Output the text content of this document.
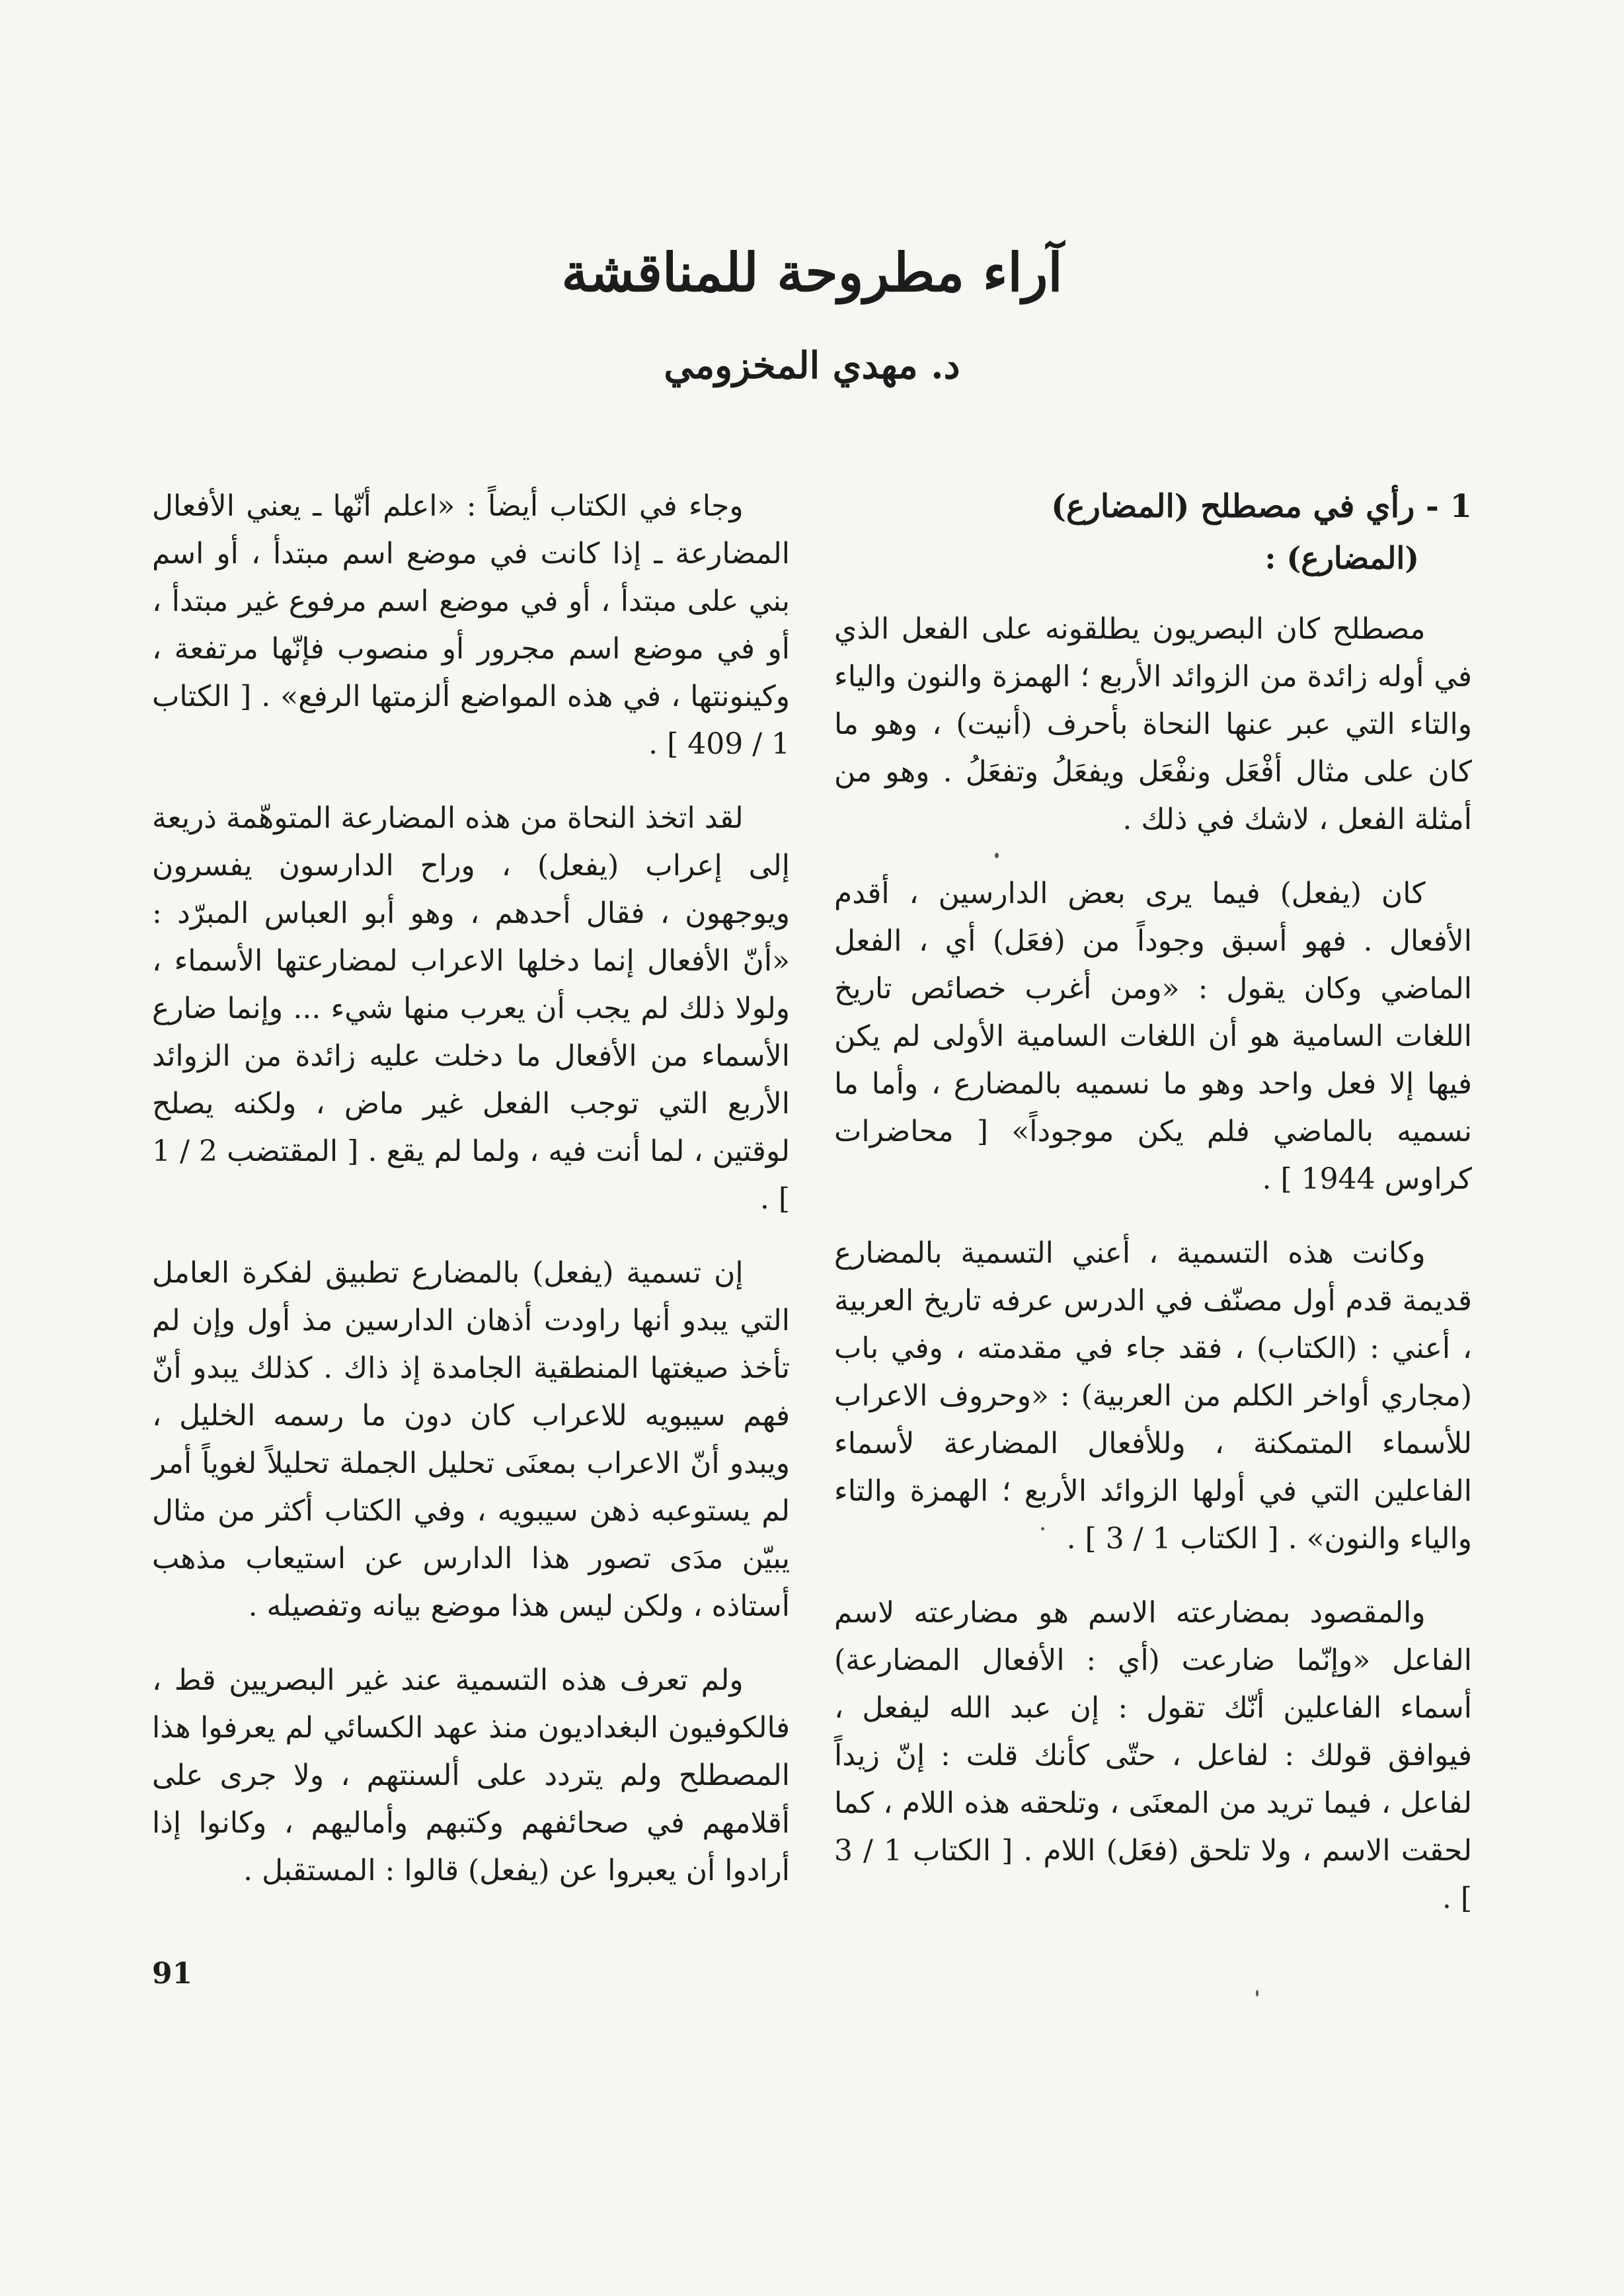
آراء مطروحة للمناقشة
د. مهدي المخزومي

1 - رأي في مصطلح (المضارع)

(المضارع) :

مصطلح كان البصريون يطلقونه على الفعل الذي في أوله زائدة من الزوائد الأربع ؛ الهمزة والنون والياء والتاء التي عبر عنها النحاة بأحرف (أنيت) ، وهو ما كان على مثال أفْعَل ونفْعَل ويفعَلُ وتفعَلُ . وهو من أمثلة الفعل ، لاشك في ذلك .

كان (يفعل) فيما يرى بعض الدارسين ، أقدم الأفعال . فهو أسبق وجوداً من (فعَل) أي ، الفعل الماضي وكان يقول : «ومن أغرب خصائص تاريخ اللغات السامية هو أن اللغات السامية الأولى لم يكن فيها إلا فعل واحد وهو ما نسميه بالمضارع ، وأما ما نسميه بالماضي فلم يكن موجوداً» [ محاضرات كراوس 1944 ] .

وكانت هذه التسمية ، أعني التسمية بالمضارع قديمة قدم أول مصنّف في الدرس عرفه تاريخ العربية ، أعني : (الكتاب) ، فقد جاء في مقدمته ، وفي باب (مجاري أواخر الكلم من العربية) : «وحروف الاعراب للأسماء المتمكنة ، وللأفعال المضارعة لأسماء الفاعلين التي في أولها الزوائد الأربع ؛ الهمزة والتاء والياء والنون» . [ الكتاب 1 / 3 ] .

والمقصود بمضارعته الاسم هو مضارعته لاسم الفاعل «وإنّما ضارعت (أي : الأفعال المضارعة) أسماء الفاعلين أنّك تقول : إن عبد الله ليفعل ، فيوافق قولك : لفاعل ، حتّى كأنك قلت : إنّ زيداً لفاعل ، فيما تريد من المعنَى ، وتلحقه هذه اللام ، كما لحقت الاسم ، ولا تلحق (فعَل) اللام . [ الكتاب 1 / 3 ] .

وجاء في الكتاب أيضاً : «اعلم أنّها ـ يعني الأفعال المضارعة ـ إذا كانت في موضع اسم مبتدأ ، أو اسم بني على مبتدأ ، أو في موضع اسم مرفوع غير مبتدأ ، أو في موضع اسم مجرور أو منصوب فإنّها مرتفعة ، وكينونتها ، في هذه المواضع ألزمتها الرفع» . [ الكتاب 1 / 409 ] .

لقد اتخذ النحاة من هذه المضارعة المتوهّمة ذريعة إلى إعراب (يفعل) ، وراح الدارسون يفسرون ويوجهون ، فقال أحدهم ، وهو أبو العباس المبرّد : «أنّ الأفعال إنما دخلها الاعراب لمضارعتها الأسماء ، ولولا ذلك لم يجب أن يعرب منها شيء ... وإنما ضارع الأسماء من الأفعال ما دخلت عليه زائدة من الزوائد الأربع التي توجب الفعل غير ماض ، ولكنه يصلح لوقتين ، لما أنت فيه ، ولما لم يقع . [ المقتضب 2 / 1 ] .

إن تسمية (يفعل) بالمضارع تطبيق لفكرة العامل التي يبدو أنها راودت أذهان الدارسين مذ أول وإن لم تأخذ صيغتها المنطقية الجامدة إذ ذاك . كذلك يبدو أنّ فهم سيبويه للاعراب كان دون ما رسمه الخليل ، ويبدو أنّ الاعراب بمعنَى تحليل الجملة تحليلاً لغوياً أمر لم يستوعبه ذهن سيبويه ، وفي الكتاب أكثر من مثال يبيّن مدَى تصور هذا الدارس عن استيعاب مذهب أستاذه ، ولكن ليس هذا موضع بيانه وتفصيله .

ولم تعرف هذه التسمية عند غير البصريين قط ، فالكوفيون البغداديون منذ عهد الكسائي لم يعرفوا هذا المصطلح ولم يتردد على ألسنتهم ، ولا جرى على أقلامهم في صحائفهم وكتبهم وأماليهم ، وكانوا إذا أرادوا أن يعبروا عن (يفعل) قالوا : المستقبل .

91
